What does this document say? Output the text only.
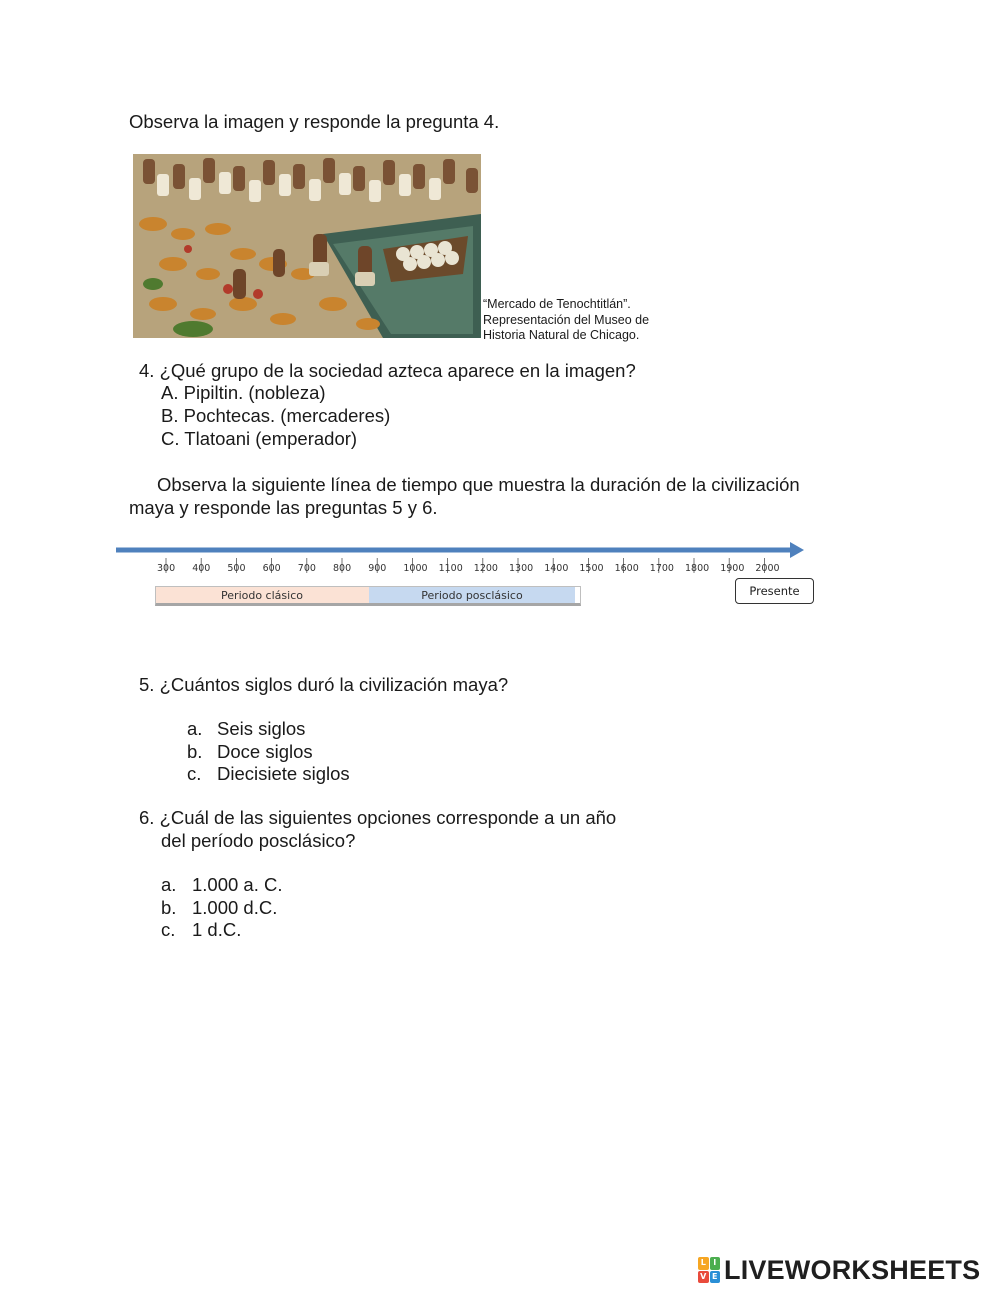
Observa la imagen y responde la pregunta 4.
“Mercado de Tenochtitlán”.
Representación del Museo de
Historia Natural de Chicago.
4. ¿Qué grupo de la sociedad azteca aparece en la imagen?
A. Pipiltin. (nobleza)
B. Pochtecas. (mercaderes)
C. Tlatoani (emperador)
Observa la siguiente línea de tiempo que muestra la duración de la civilización
maya y responde las preguntas 5 y 6.
300 400 500 600 700 800 900 1000 1100 1200 1300 1400 1500 1600 1700 1800 1900 2000
Periodo clásico	Periodo posclásico	Presente
5. ¿Cuántos siglos duró la civilización maya?
a. Seis siglos
b. Doce siglos
c. Diecisiete siglos
6. ¿Cuál de las siguientes opciones corresponde a un año
del período posclásico?
a. 1.000 a. C.
b. 1.000 d.C.
c. 1 d.C.
L I
V E LIVEWORKSHEETS
